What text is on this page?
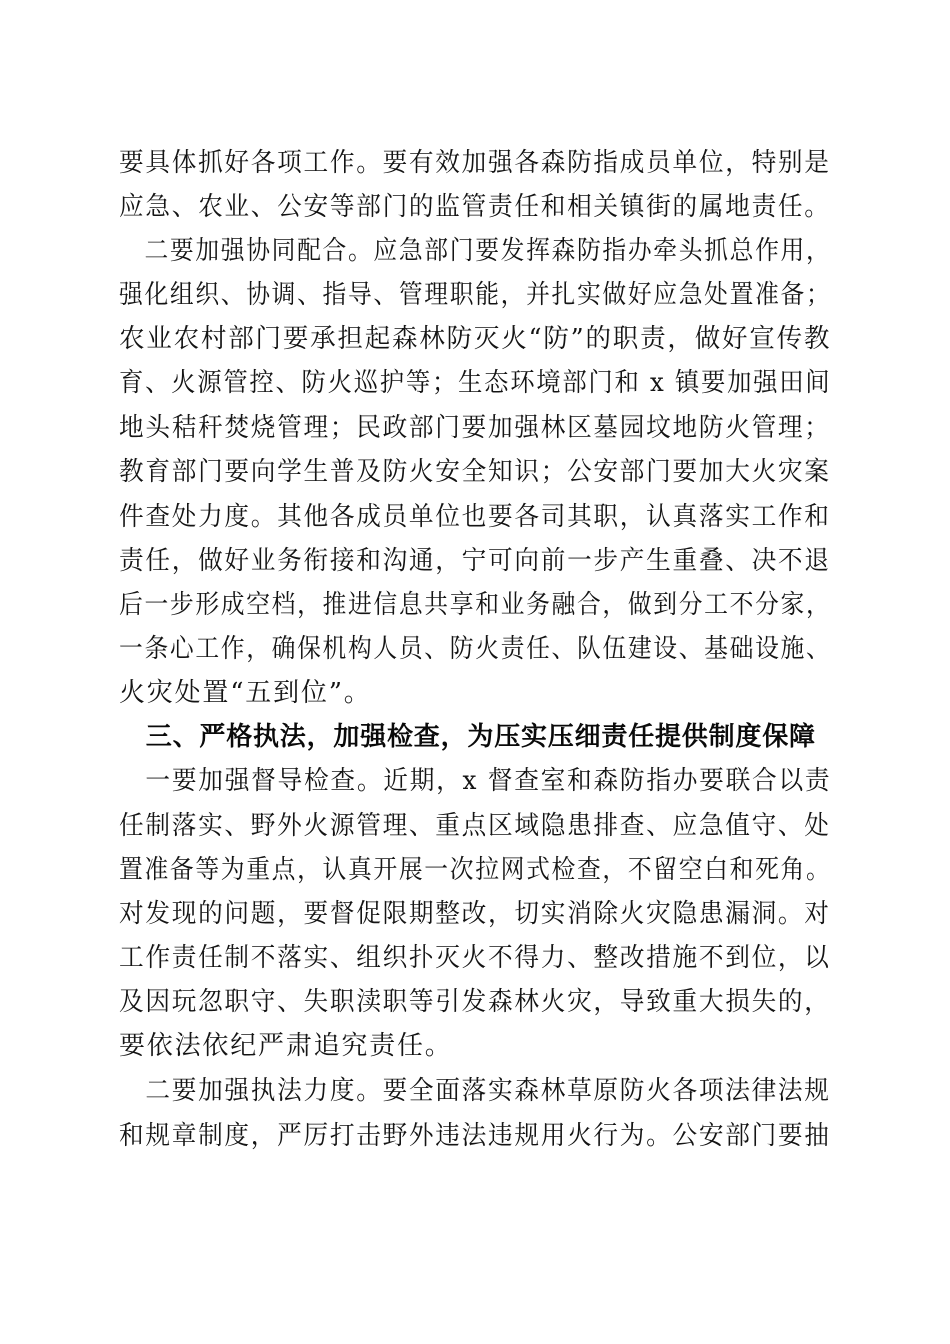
要具体抓好各项工作。要有效加强各森防指成员单位，特别是
应急、农业、公安等部门的监管责任和相关镇街的属地责任。
　二要加强协同配合。应急部门要发挥森防指办牵头抓总作用，
强化组织、协调、指导、管理职能，并扎实做好应急处置准备；
农业农村部门要承担起森林防灭火“防”的职责，做好宣传教
育、火源管控、防火巡护等；生态环境部门和 x 镇要加强田间
地头秸秆焚烧管理；民政部门要加强林区墓园坟地防火管理；
教育部门要向学生普及防火安全知识；公安部门要加大火灾案
件查处力度。其他各成员单位也要各司其职，认真落实工作和
责任，做好业务衔接和沟通，宁可向前一步产生重叠、决不退
后一步形成空档，推进信息共享和业务融合，做到分工不分家，
一条心工作，确保机构人员、防火责任、队伍建设、基础设施、
火灾处置“五到位”。
　三、严格执法，加强检查，为压实压细责任提供制度保障
　一要加强督导检查。近期，x 督查室和森防指办要联合以责
任制落实、野外火源管理、重点区域隐患排查、应急值守、处
置准备等为重点，认真开展一次拉网式检查，不留空白和死角。
对发现的问题，要督促限期整改，切实消除火灾隐患漏洞。对
工作责任制不落实、组织扑灭火不得力、整改措施不到位，以
及因玩忽职守、失职渎职等引发森林火灾，导致重大损失的，
要依法依纪严肃追究责任。
　二要加强执法力度。要全面落实森林草原防火各项法律法规
和规章制度，严厉打击野外违法违规用火行为。公安部门要抽
